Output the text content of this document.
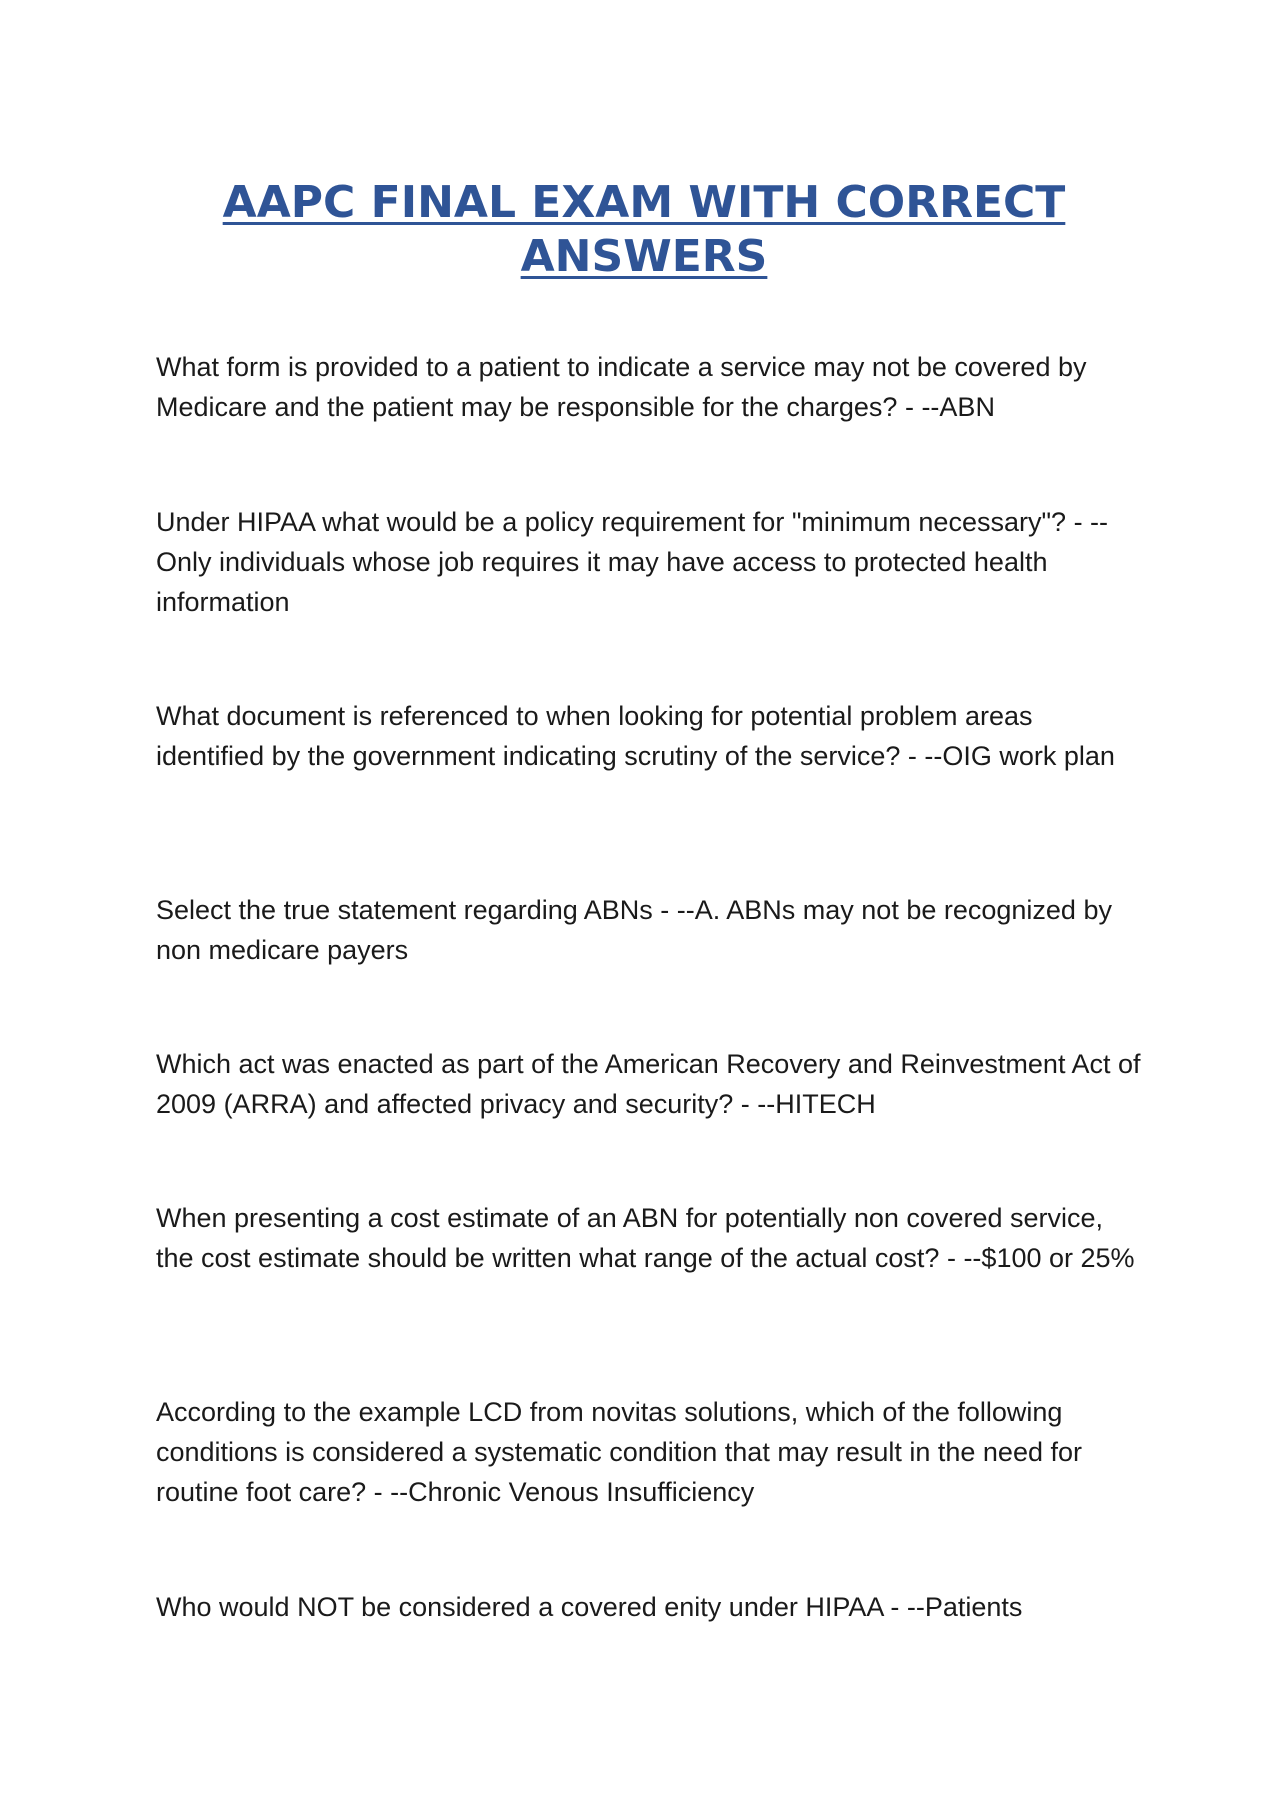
AAPC FINAL EXAM WITH CORRECT ANSWERS

What form is provided to a patient to indicate a service may not be covered by Medicare and the patient may be responsible for the charges? - --ABN

Under HIPAA what would be a policy requirement for "minimum necessary"? - --Only individuals whose job requires it may have access to protected health information

What document is referenced to when looking for potential problem areas identified by the government indicating scrutiny of the service? - --OIG work plan

Select the true statement regarding ABNs - --A. ABNs may not be recognized by non medicare payers

Which act was enacted as part of the American Recovery and Reinvestment Act of 2009 (ARRA) and affected privacy and security? - --HITECH

When presenting a cost estimate of an ABN for potentially non covered service, the cost estimate should be written what range of the actual cost? - --$100 or 25%

According to the example LCD from novitas solutions, which of the following conditions is considered a systematic condition that may result in the need for routine foot care? - --Chronic Venous Insufficiency

Who would NOT be considered a covered enity under HIPAA - --Patients
